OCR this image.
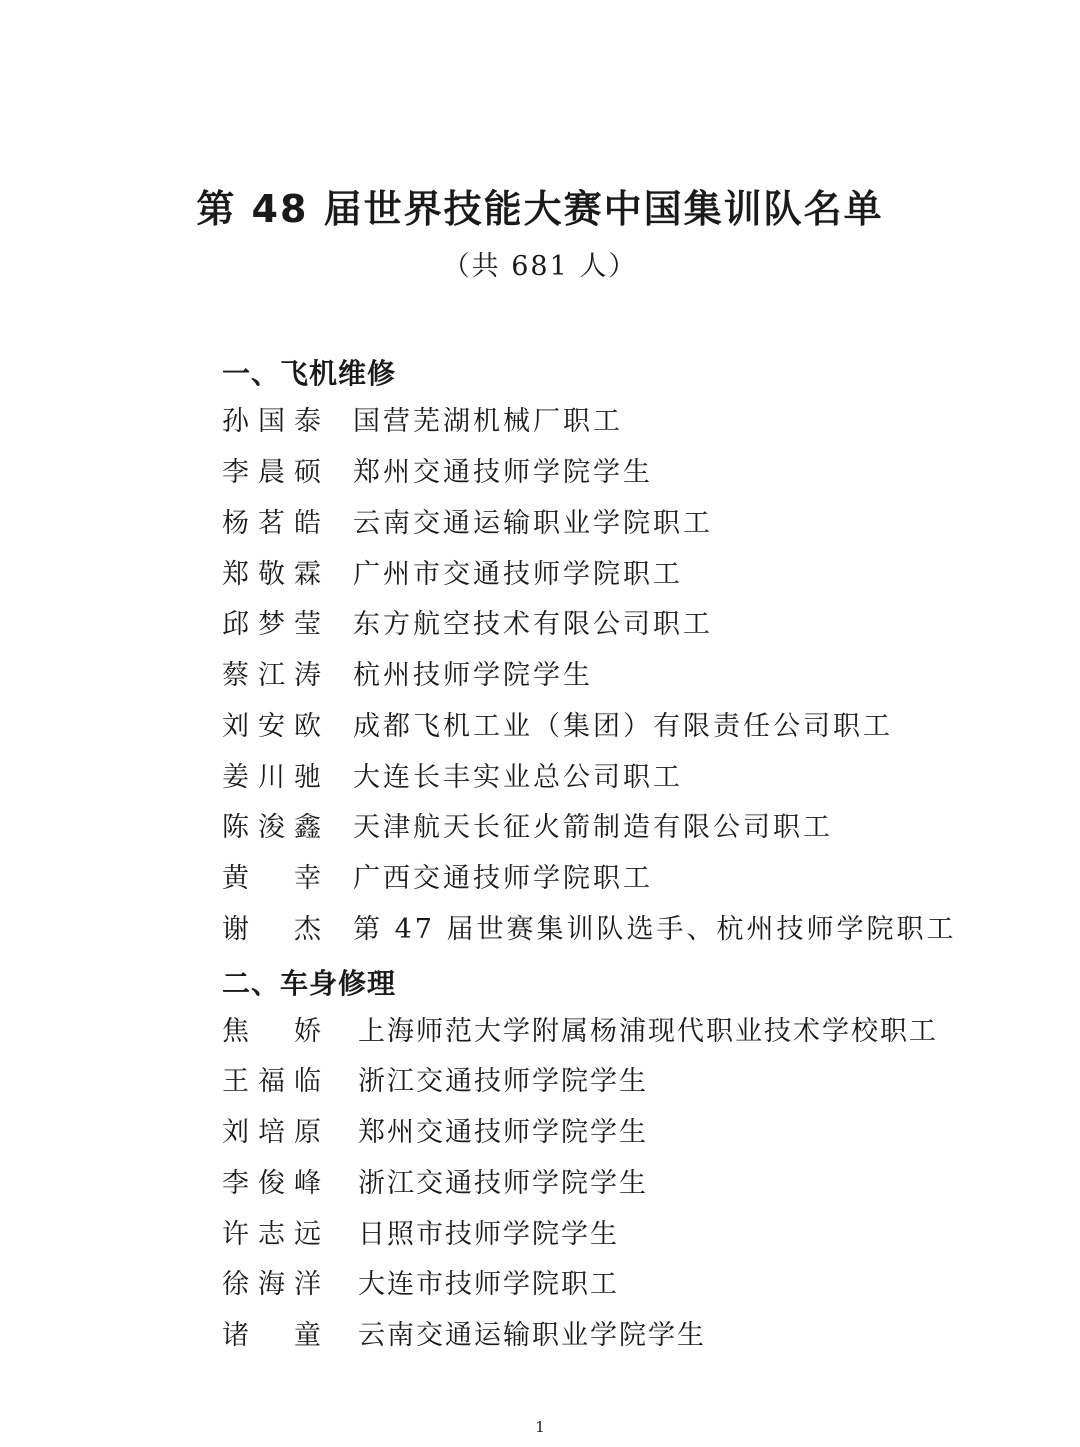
第 48 届世界技能大赛中国集训队名单
（共 681 人）
一、飞机维修
孙国泰 国营芜湖机械厂职工
李晨硕 郑州交通技师学院学生
杨茗皓 云南交通运输职业学院职工
郑敬霖 广州市交通技师学院职工
邱梦莹 东方航空技术有限公司职工
蔡江涛 杭州技师学院学生
刘安欧 成都飞机工业（集团）有限责任公司职工
姜川驰 大连长丰实业总公司职工
陈浚鑫 天津航天长征火箭制造有限公司职工
黄幸 广西交通技师学院职工
谢杰 第 47 届世赛集训队选手、杭州技师学院职工
二、车身修理
焦娇 上海师范大学附属杨浦现代职业技术学校职工
王福临 浙江交通技师学院学生
刘培原 郑州交通技师学院学生
李俊峰 浙江交通技师学院学生
许志远 日照市技师学院学生
徐海洋 大连市技师学院职工
诸童 云南交通运输职业学院学生
1
